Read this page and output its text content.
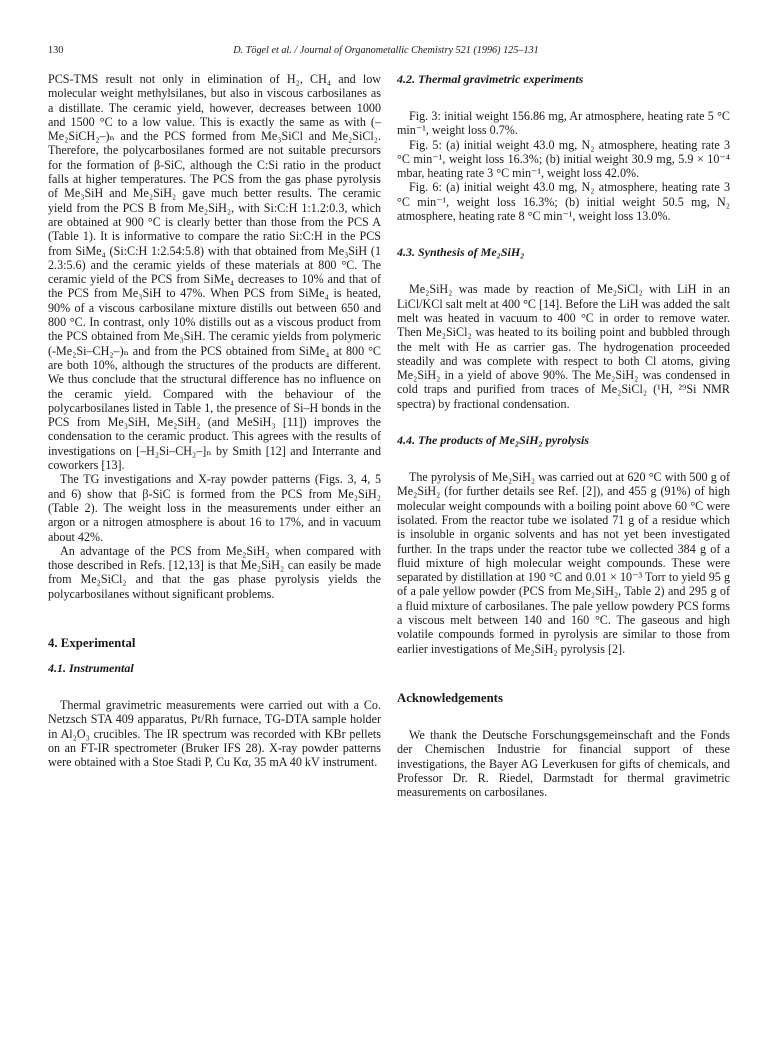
130	D. Tögel et al. / Journal of Organometallic Chemistry 521 (1996) 125–131

PCS-TMS result not only in elimination of H₂, CH₄ and low molecular weight methylsilanes, but also in viscous carbosilanes as a distillate. The ceramic yield, however, decreases between 1000 and 1500 °C to a low value. This is exactly the same as with (–Me₂SiCH₂–)ₙ and the PCS formed from Me₃SiCl and Me₂SiCl₂. Therefore, the polycarbosilanes formed are not suitable precursors for the formation of β-SiC, although the C:Si ratio in the product falls at higher temperatures. The PCS from the gas phase pyrolysis of Me₃SiH and Me₂SiH₂ gave much better results. The ceramic yield from the PCS B from Me₂SiH₂, with Si:C:H 1:1.2:0.3, which are obtained at 900 °C is clearly better than those from the PCS A (Table 1). It is informative to compare the ratio Si:C:H in the PCS from SiMe₄ (Si:C:H 1:2.54:5.8) with that obtained from Me₃SiH (1 2.3:5.6) and the ceramic yields of these materials at 800 °C. The ceramic yield of the PCS from SiMe₄ decreases to 10% and that of the PCS from Me₃SiH to 47%. When PCS from SiMe₄ is heated, 90% of a viscous carbosilane mixture distills out between 650 and 800 °C. In contrast, only 10% distills out as a viscous product from the PCS obtained from Me₃SiH. The ceramic yields from polymeric (-Me₂Si–CH₂–)ₙ and from the PCS obtained from SiMe₄ at 800 °C are both 10%, although the structures of the products are different. We thus conclude that the structural difference has no influence on the ceramic yield. Compared with the behaviour of the polycarbosilanes listed in Table 1, the presence of Si–H bonds in the PCS from Me₃SiH, Me₂SiH₂ (and MeSiH₃ [11]) improves the condensation to the ceramic product. This agrees with the results of investigations on [–H₂Si–CH₂–]ₙ by Smith [12] and Interrante and coworkers [13].

The TG investigations and X-ray powder patterns (Figs. 3, 4, 5 and 6) show that β-SiC is formed from the PCS from Me₂SiH₂ (Table 2). The weight loss in the measurements under either an argon or a nitrogen atmosphere is about 16 to 17%, and in vacuum about 42%.

An advantage of the PCS from Me₂SiH₂ when compared with those described in Refs. [12,13] is that Me₂SiH₂ can easily be made from Me₂SiCl₂ and that the gas phase pyrolysis yields the polycarbosilanes without significant problems.

4. Experimental
4.1. Instrumental

Thermal gravimetric measurements were carried out with a Co. Netzsch STA 409 apparatus, Pt/Rh furnace, TG-DTA sample holder in Al₂O₃ crucibles. The IR spectrum was recorded with KBr pellets on an FT-IR spectrometer (Bruker IFS 28). X-ray powder patterns were obtained with a Stoe Stadi P, Cu Kα, 35 mA 40 kV instrument.

4.2. Thermal gravimetric experiments

Fig. 3: initial weight 156.86 mg, Ar atmosphere, heating rate 5 °C min⁻¹, weight loss 0.7%.

Fig. 5: (a) initial weight 43.0 mg, N₂ atmosphere, heating rate 3 °C min⁻¹, weight loss 16.3%; (b) initial weight 30.9 mg, 5.9 × 10⁻⁴ mbar, heating rate 3 °C min⁻¹, weight loss 42.0%.

Fig. 6: (a) initial weight 43.0 mg, N₂ atmosphere, heating rate 3 °C min⁻¹, weight loss 16.3%; (b) initial weight 50.5 mg, N₂ atmosphere, heating rate 8 °C min⁻¹, weight loss 13.0%.

4.3. Synthesis of Me₂SiH₂

Me₂SiH₂ was made by reaction of Me₂SiCl₂ with LiH in an LiCl/KCl salt melt at 400 °C [14]. Before the LiH was added the salt melt was heated in vacuum to 400 °C in order to remove water. Then Me₂SiCl₂ was heated to its boiling point and bubbled through the melt with He as carrier gas. The hydrogenation proceeded steadily and was complete with respect to both Cl atoms, giving Me₂SiH₂ in a yield of above 90%. The Me₂SiH₂ was condensed in cold traps and purified from traces of Me₂SiCl₂ (¹H, ²⁹Si NMR spectra) by fractional condensation.

4.4. The products of Me₂SiH₂ pyrolysis

The pyrolysis of Me₂SiH₂ was carried out at 620 °C with 500 g of Me₂SiH₂ (for further details see Ref. [2]), and 455 g (91%) of high molecular weight compounds with a boiling point above 60 °C were isolated. From the reactor tube we isolated 71 g of a residue which is insoluble in organic solvents and has not yet been investigated further. In the traps under the reactor tube we collected 384 g of a fluid mixture of high molecular weight compounds. These were separated by distillation at 190 °C and 0.01 × 10⁻³ Torr to yield 95 g of a pale yellow powder (PCS from Me₂SiH₂, Table 2) and 295 g of a fluid mixture of carbosilanes. The pale yellow powdery PCS forms a viscous melt between 140 and 160 °C. The gaseous and high volatile compounds formed in pyrolysis are similar to those from earlier investigations of Me₂SiH₂ pyrolysis [2].

Acknowledgements

We thank the Deutsche Forschungsgemeinschaft and the Fonds der Chemischen Industrie for financial support of these investigations, the Bayer AG Leverkusen for gifts of chemicals, and Professor Dr. R. Riedel, Darmstadt for thermal gravimetric measurements on carbosilanes.
